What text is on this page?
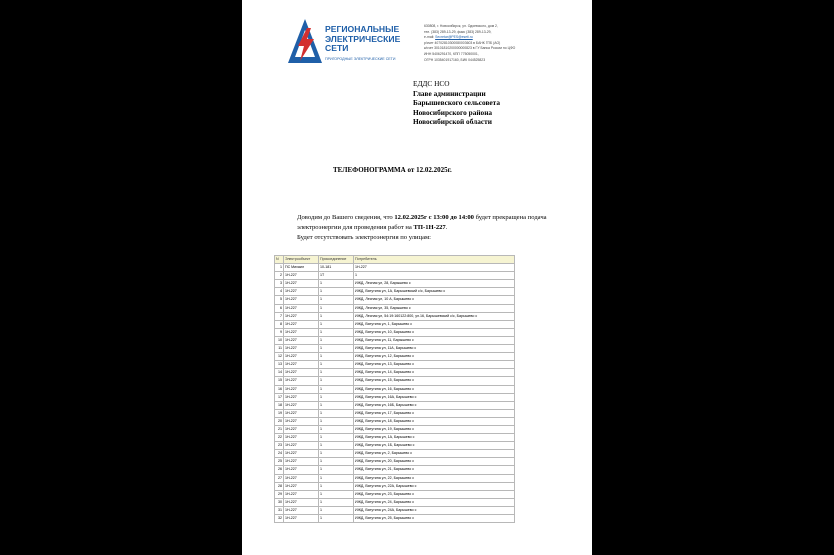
РЕГИОНАЛЬНЫЕ
ЭЛЕКТРИЧЕСКИЕ
СЕТИ
ПРИГОРОДНЫЕ ЭЛЕКТРИЧЕСКИЕ СЕТИ
630808, г. Новосибирск, ул. Одоевского, дом 2,
тел. (383) 289-13-29, факс (383) 289-13-29,
e-mail: Secretar@PES@eseti.ru
р/счет 40702810300080003603 в БАНК ГПБ (АО)
к/счет 30101810200000000823 в ГУ Банка России по ЦФО
ИНН 5406291470, КПП 775050001,
ОГРН 1035401917160, БИК 044525823
ЕДДС НСО
Главе администрации
Барышевского сельсовета
Новосибирского района
Новосибирской области
ТЕЛЕФОНОГРАММА от 12.02.2025г.
Доводим до Вашего сведения, что 12.02.2025г с 13:00 до 14:00 будет прекращена подача электроэнергии для проведения работ на ТП-1Н-227.
Будет отсутствовать электроэнергия по улицам:
N	Электрообъект	Присоединение	Потребитель
1	ПС Михаил	10-181	1Н-227
2	1Н-227	1Т	1
3	1Н-227	1	ИЖД, Лесная ул, 28, Барышево с
4	1Н-227	1	ИЖД, Ватутина ул, 1А, Барышевский с/с, Барышево с
5	1Н-227	1	ИЖД, Лесная ул, 10 А, Барышево с
6	1Н-227	1	ИЖД, Лесная ул, 35, Барышево с
7	1Н-227	1	ИЖД, Лесная ул, 54:19:160122:800, ул.16, Барышевский с/с, Барышево с
8	1Н-227	1	ИЖД, Ватутина ул, 1, Барышево с
9	1Н-227	1	ИЖД, Ватутина ул, 10, Барышево с
10	1Н-227	1	ИЖД, Ватутина ул, 11, Барышево с
11	1Н-227	1	ИЖД, Ватутина ул, 11А, Барышево с
12	1Н-227	1	ИЖД, Ватутина ул, 12, Барышево с
13	1Н-227	1	ИЖД, Ватутина ул, 13, Барышево с
14	1Н-227	1	ИЖД, Ватутина ул, 14, Барышево с
15	1Н-227	1	ИЖД, Ватутина ул, 15, Барышево с
16	1Н-227	1	ИЖД, Ватутина ул, 16, Барышево с
17	1Н-227	1	ИЖД, Ватутина ул, 16А, Барышево с
18	1Н-227	1	ИЖД, Ватутина ул, 16Б, Барышево с
19	1Н-227	1	ИЖД, Ватутина ул, 17, Барышево с
20	1Н-227	1	ИЖД, Ватутина ул, 18, Барышево с
21	1Н-227	1	ИЖД, Ватутина ул, 19, Барышево с
22	1Н-227	1	ИЖД, Ватутина ул, 1А, Барышево с
23	1Н-227	1	ИЖД, Ватутина ул, 1Б, Барышево с
24	1Н-227	1	ИЖД, Ватутина ул, 2, Барышево с
25	1Н-227	1	ИЖД, Ватутина ул, 20, Барышево с
26	1Н-227	1	ИЖД, Ватутина ул, 21, Барышево с
27	1Н-227	1	ИЖД, Ватутина ул, 22, Барышево с
28	1Н-227	1	ИЖД, Ватутина ул, 22А, Барышево с
29	1Н-227	1	ИЖД, Ватутина ул, 23, Барышево с
30	1Н-227	1	ИЖД, Ватутина ул, 24, Барышево с
31	1Н-227	1	ИЖД, Ватутина ул, 24А, Барышево с
32	1Н-227	1	ИЖД, Ватутина ул, 25, Барышево с
